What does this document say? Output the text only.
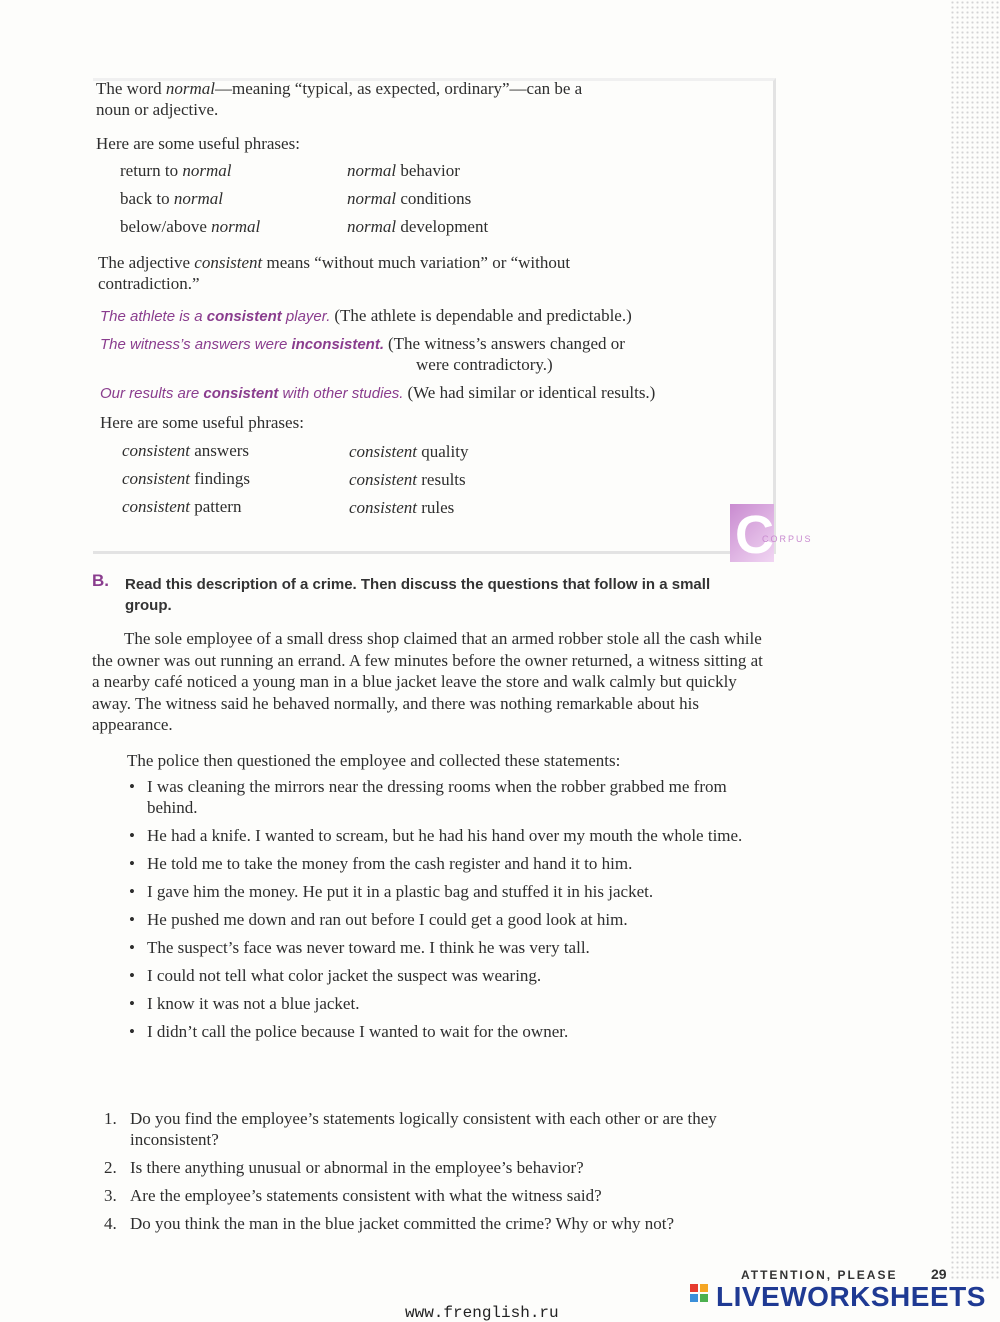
The word normal—meaning “typical, as expected, ordinary”—can be a
noun or adjective.
Here are some useful phrases:
return to normal
back to normal
below/above normal
normal behavior
normal conditions
normal development
The adjective consistent means “without much variation” or “without
contradiction.”
The athlete is a consistent player. (The athlete is dependable and predictable.)
The witness’s answers were inconsistent. (The witness’s answers changed or
were contradictory.)
Our results are consistent with other studies. (We had similar or identical results.)
Here are some useful phrases:
consistent answers
consistent findings
consistent pattern
consistent quality
consistent results
consistent rules	C
CORPUS
B. Read this description of a crime. Then discuss the questions that follow in a small group.
The sole employee of a small dress shop claimed that an armed robber stole all the cash while the owner was out running an errand. A few minutes before the owner returned, a witness sitting at a nearby café noticed a young man in a blue jacket leave the store and walk calmly but quickly away. The witness said he behaved normally, and there was nothing remarkable about his appearance.
The police then questioned the employee and collected these statements:
• I was cleaning the mirrors near the dressing rooms when the robber grabbed me from behind.
• He had a knife. I wanted to scream, but he had his hand over my mouth the whole time.
• He told me to take the money from the cash register and hand it to him.
• I gave him the money. He put it in a plastic bag and stuffed it in his jacket.
• He pushed me down and ran out before I could get a good look at him.
• The suspect’s face was never toward me. I think he was very tall.
• I could not tell what color jacket the suspect was wearing.
• I know it was not a blue jacket.
• I didn’t call the police because I wanted to wait for the owner.
1. Do you find the employee’s statements logically consistent with each other or are they inconsistent?
2. Is there anything unusual or abnormal in the employee’s behavior?
3. Are the employee’s statements consistent with what the witness said?
4. Do you think the man in the blue jacket committed the crime? Why or why not?
ATTENTION, PLEASE 29
www.frenglish.ru
LIVEWORKSHEETS
